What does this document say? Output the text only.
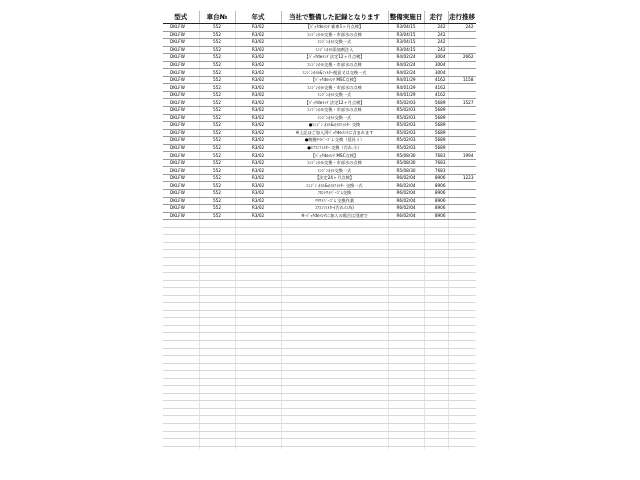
型式	車台№	年式	当社で整備した記録となります	整備実施日	走行	走行推移
DKLFW	552	R3/02	【ﾊﾟｯｸdeﾒﾝﾃ 新車1ヶ月点検】	R3/04/15	242	242
DKLFW	552	R3/02	ｴﾝｼﾞﾝｵｲﾙ交換・市部水の点検	R3/04/15	242	
DKLFW	552	R3/02	ｴﾝｼﾞﾝｵｲﾙ交換一式	R3/04/15	242	
DKLFW	552	R3/02	ｴﾝｼﾞﾝｵｲﾙ添加剤注入	R3/04/15	242	
DKLFW	552	R3/02	【ﾊﾟｯｸdeﾒﾝﾃ 法定12ヶ月点検】	R4/02/24	3004	2662
DKLFW	552	R3/02	ｴﾝｼﾞﾝｵｲﾙ交換・市部水の点検	R4/02/24	3004	
DKLFW	552	R3/02	ｴﾝｼﾞﾝｵｲﾙ&ﾌｨﾙﾀｰ税意又は交換一式	R4/02/24	3004	
DKLFW	552	R3/02	【ﾊﾟｯｸdeﾒﾝﾃ MSC点検】	R4/01/29	4162	1158
DKLFW	552	R3/02	ｴﾝｼﾞﾝｵｲﾙ交換・市部水の点検	R4/01/29	4162	
DKLFW	552	R3/02	ｴﾝｼﾞﾝｵｲﾙ交換一式	R4/01/29	4162	
DKLFW	552	R3/02	【ﾊﾟｯｸdeﾒﾝﾃ 法定12ヶ月点検】	R5/02/03	5689	1527
DKLFW	552	R3/02	ｴﾝｼﾞﾝｵｲﾙ交換・市部水の点検	R5/02/03	5689	
DKLFW	552	R3/02	ｴﾝｼﾞﾝｵｲﾙ交換一式	R5/02/03	5689	
DKLFW	552	R3/02	●ｴﾝｼﾞﾝ ｵｲﾙ&ｵｲﾙﾌｨﾙﾀｰ 交換	R5/02/03	5689	
DKLFW	552	R3/02	※上記ほご加入済ﾊﾟｯｸdeﾒﾝﾃに含まれます	R5/02/03	5689	
DKLFW	552	R3/02	●腕後ﾜｲﾊﾟｰｺﾞﾑ 交換（延長ミ）	R5/02/03	5689	
DKLFW	552	R3/02	●ｴｱｺﾝﾌｨﾙﾀｰ 交換（汚れ.小）	R5/02/03	5689	
DKLFW	552	R3/02	【ﾊﾟｯｸdeﾒﾝﾃ MSC点検】	R5/08/30	7683	1994
DKLFW	552	R3/02	ｴﾝｼﾞﾝｵｲﾙ交換・市部水の点検	R5/08/30	7683	
DKLFW	552	R3/02	ｴﾝｼﾞﾝｵｲﾙ交換一式	R5/08/30	7683	
DKLFW	552	R3/02	【法定24ヶ月点検】	R6/02/04	8906	1223
DKLFW	552	R3/02	ｴﾝｼﾞﾝ ｵｲﾙ&ｵｲﾙﾌｨﾙﾀｰ 交換一式	R6/02/04	8906	
DKLFW	552	R3/02	ﾌﾛﾝﾄﾜｲﾊﾟｰｺﾞﾑ交換	R6/02/04	8906	
DKLFW	552	R3/02	ﾘﾔﾜｲﾊﾟｰｺﾞﾑ 交換作業	R6/02/04	8906	
DKLFW	552	R3/02	ｴｱｺﾝﾌｨﾙﾀｰ(汚れの為)	R6/02/04	8906	
DKLFW	552	R3/02	※ ﾊﾟｯｸdeﾒﾝﾃに加入の場合は別途で	R6/02/04	8906	
